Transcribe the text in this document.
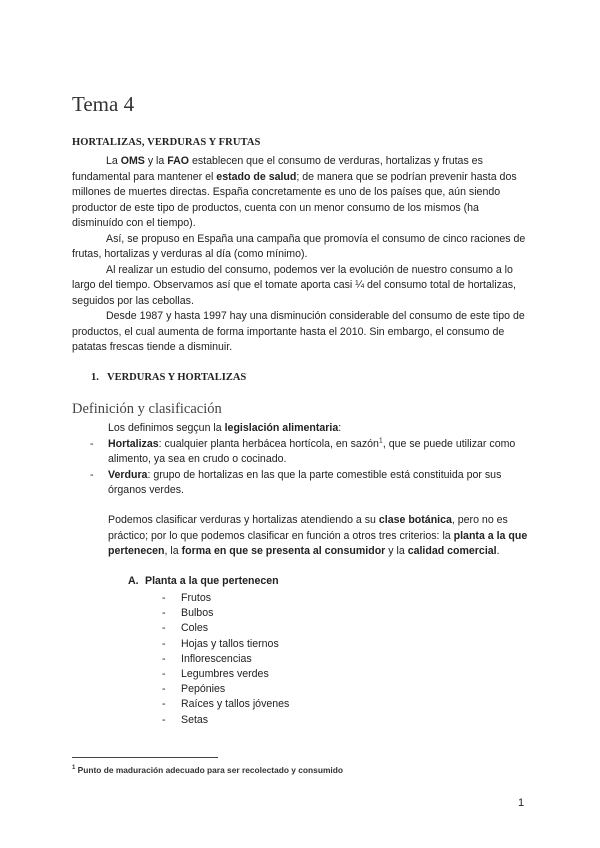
Tema 4
HORTALIZAS, VERDURAS Y FRUTAS

La OMS y la FAO establecen que el consumo de verduras, hortalizas y frutas es fundamental para mantener el estado de salud; de manera que se podrían prevenir hasta dos millones de muertes directas. España concretamente es uno de los países que, aún siendo productor de este tipo de productos, cuenta con un menor consumo de los mismos (ha disminuído con el tiempo).

Así, se propuso en España una campaña que promovía el consumo de cinco raciones de frutas, hortalizas y verduras al día (como mínimo).

Al realizar un estudio del consumo, podemos ver la evolución de nuestro consumo a lo largo del tiempo. Observamos así que el tomate aporta casi ¼ del consumo total de hortalizas, seguidos por las cebollas.

Desde 1987 y hasta 1997 hay una disminución considerable del consumo de este tipo de productos, el cual aumenta de forma importante hasta el 2010. Sin embargo, el consumo de patatas frescas tiende a disminuir.

1. VERDURAS Y HORTALIZAS
Definición y clasificación
Los definimos segçun la legislación alimentaria:
- Hortalizas: cualquier planta herbácea hortícola, en sazón$^1$, que se puede utilizar como alimento, ya sea en crudo o cocinado.
- Verdura: grupo de hortalizas en las que la parte comestible está constituida por sus órganos verdes.
Podemos clasificar verduras y hortalizas atendiendo a su clase botánica, pero no es práctico; por lo que podemos clasificar en función a otros tres criterios: la planta a la que pertenecen, la forma en que se presenta al consumidor y la calidad comercial.
A. Planta a la que pertenecen
- Frutos
- Bulbos
- Coles
- Hojas y tallos tiernos
- Inflorescencias
- Legumbres verdes
- Pepónies
- Raíces y tallos jóvenes
- Setas
$^1$ Punto de maduración adecuado para ser recolectado y consumido
1
